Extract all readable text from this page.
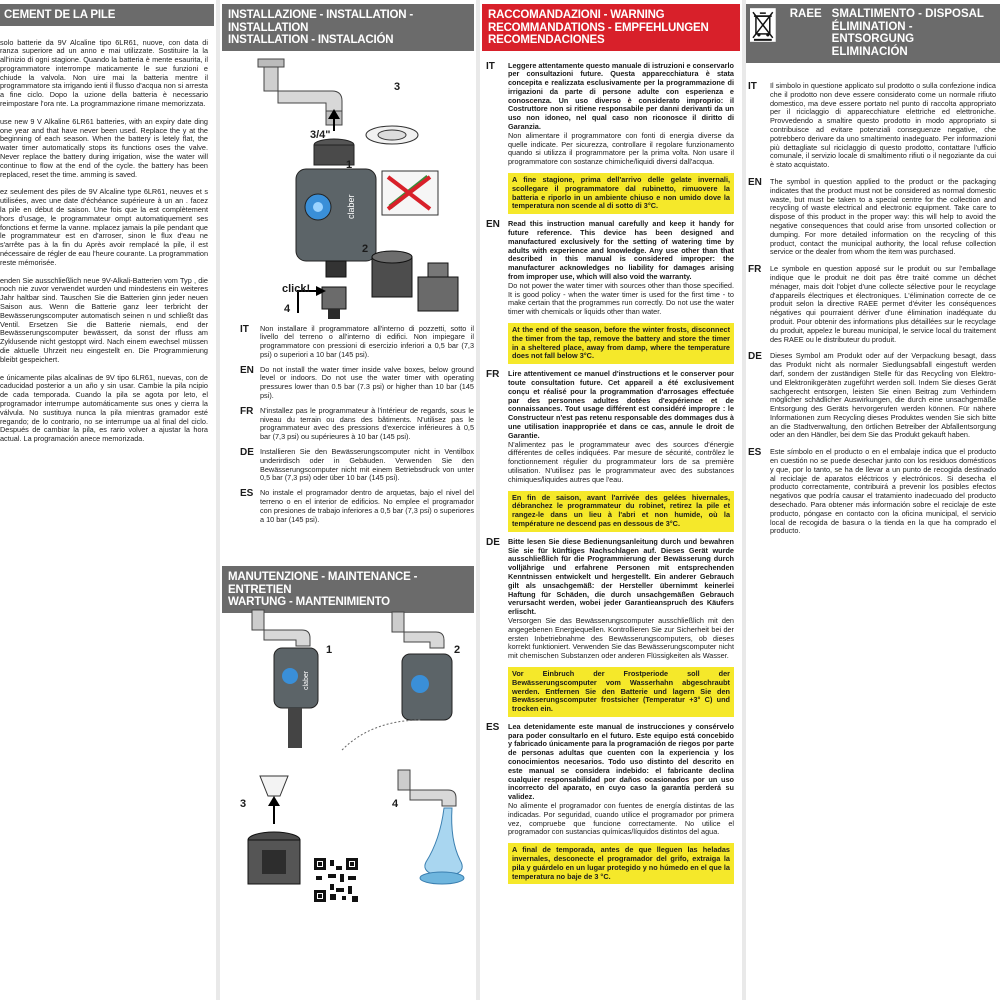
CEMENT DE LA PILE

solo batterie da 9V Alcaline tipo 6LR61, nuove, con data di ranza superiore ad un anno e mai utilizzate. Sostituire la la all'inizio di ogni stagione. Quando la batteria è mente esaurita, il programmatore interrompe maticamente le sue funzioni e chiude la valvola. Non uire mai la batteria mentre il programmatore sta irrigando ienti il flusso d'acqua non si arresta a fine ciclo. Dopo la uzione della batteria è necessario reimpostare l'ora nte. La programmazione rimane memorizzata.

use new 9 V Alkaline 6LR61 batteries, with an expiry date ding one year and that have never been used. Replace the y at the beginning of each season. When the battery is letely flat, the water timer automatically stops its functions oses the valve. Never replace the battery during irrigation, wise the water will continue to flow at the end of the cycle. the battery has been replaced, reset the time. amming is saved.

ez seulement des piles de 9V Alcaline type 6LR61, neuves et s utilisées, avec une date d'échéance supérieure à un an . facez la pile en début de saison. Une fois que la est complètement hors d'usage, le programmateur ompt automatiquement ses fonctions et ferme la vanne. mplacez jamais la pile pendant que le programmateur est en d'arroser, sinon le flux d'eau ne s'arrête pas à la fin du Après avoir remplacé la pile, il est nécessaire de régler de eau l'heure courante. La programmation reste mémorisée.

enden Sie ausschließlich neue 9V-Alkali-Batterien vom Typ , die noch nie zuvor verwendet wurden und mindestens ein weiteres Jahr haltbar sind. Tauschen Sie die Batterien ginn jeder neuen Saison aus. Wenn die Batterie ganz leer terbricht der Bewässerungscomputer automatisch seinen n und schließt das Ventil. Ersetzen Sie die Batterie niemals, end der Bewässerungscomputer bewässert, da sonst der rfluss am Zyklusende nicht gestoppt wird. Nach einem ewechsel müssen die aktuelle Uhrzeit neu eingestellt en. Die Programmierung bleibt gespeichert.

e únicamente pilas alcalinas de 9V tipo 6LR61, nuevas, con de caducidad posterior a un año y sin usar. Cambie la pila ncipio de cada temporada. Cuando la pila se agota por leto, el programador interrumpe automáticamente sus ones y cierra la válvula. No sustituya nunca la pila mientras gramador esté regando; de lo contrario, no se interrumpe ua al final del ciclo. Después de cambiar la pila, es rario volver a ajustar la hora actual. La programación anece memorizada.

INSTALLAZIONE - INSTALLATION - INSTALLATION
INSTALLATION - INSTALACIÓN
claber
3
3/4"
1
2
click!
4
IT	Non installare il programmatore all'interno di pozzetti, sotto il livello del terreno o all'interno di edifici. Non impiegare il programmatore con pressioni di esercizio inferiori a 0,5 bar (7,3 psi) o superiori a 10 bar (145 psi).

EN Do not install the water timer inside valve boxes, below ground level or indoors. Do not use the water timer with operating pressures lower than 0.5 bar (7.3 psi) or higher than 10 bar (145 psi).

FR N'installez pas le programmateur à l'intérieur de regards, sous le niveau du terrain ou dans des bâtiments. N'utilisez pas le programmateur avec des pressions d'exercice inférieures à 0,5 bar (7,3 psi) ou supérieures à 10 bar (145 psi).

DE Installieren Sie den Bewässerungscomputer nicht in Ventilbox underirdisch oder in Gebäuden. Verwenden Sie den Bewässerungscomputer nicht mit einem Betriebsdruck von unter 0,5 bar (7,3 psi) oder über 10 bar (145 psi).

ES No instale el programador dentro de arquetas, bajo el nivel del terreno o en el interior de edificios. No emplee el programador con presiones de trabajo inferiores a 0,5 bar (7,3 psi) o superiores a 10 bar (145 psi).

MANUTENZIONE - MAINTENANCE - ENTRETIEN
WARTUNG - MANTENIMIENTO
claber
1	2
3	4
RACCOMANDAZIONI - WARNING
RECOMMANDATIONS - EMPFEHLUNGEN
RECOMENDACIONES
IT	Leggere attentamente questo manuale di istruzioni e conservarlo per consultazioni future. Questa apparecchiatura è stata concepita e realizzata esclusivamente per la programmazione di irrigazioni da parte di persone adulte con esperienza e conoscenza. Un uso diverso è considerato improprio: il Costruttore non si ritiene responsabile per danni derivanti da un uso non idoneo, nel qual caso non riconosce il diritto di Garanzia.

Non alimentare il programmatore con fonti di energia diverse da quelle indicate. Per sicurezza, controllare il regolare funzionamento quando si utilizza il programmatore per la prima volta. Non usare il programmatore con sostanze chimiche/liquidi diversi dall'acqua.

A fine stagione, prima dell'arrivo delle gelate invernali, scollegare il programmatore dal rubinetto, rimuovere la batteria e riporlo in un ambiente chiuso e non umido dove la temperatura non scende al di sotto di 3°C.
EN	Read this instruction manual carefully and keep it handy for future reference. This device has been designed and manufactured exclusively for the setting of watering time by adults with experience and knowledge. Any use other than that described in this manual is considered improper: the manufacturer acknowledges no liability for damages arising from improper use, which will also void the warranty.

Do not power the water timer with sources other than those specified. It is good policy - when the water timer is used for the first time - to make certain that the programmes run correctly. Do not use the water timer with chemicals or liquids other than water.

At the end of the season, before the winter frosts, disconnect the timer from the tap, remove the battery and store the timer in a sheltered place, away from damp, where the temperature does not fall below 3°C.
FR	Lire attentivement ce manuel d'instructions et le conserver pour toute consultation future. Cet appareil a été exclusivement conçu et réalisé pour la programmation d'arrosages effectuée par des personnes adultes dotées d'expérience et de connaissances. Tout usage différent est considéré impropre : le Constructeur n'est pas retenu responsable des dommages dus à une utilisation inappropriée et dans ce cas, annule le droit de Garantie.

N'alimentez pas le programmateur avec des sources d'énergie différentes de celles indiquées. Par mesure de sécurité, contrôlez le fonctionnement régulier du programmateur lors de sa première utilisation. N'utilisez pas le programmateur avec des substances chimiques/liquides autres que l'eau.

En fin de saison, avant l'arrivée des gelées hivernales, débranchez le programmateur du robinet, retirez la pile et rangez-le dans un lieu à l'abri et non humide, où la température ne descend pas en dessous de 3°C.
DE	Bitte lesen Sie diese Bedienungsanleitung durch und bewahren Sie sie für künftiges Nachschlagen auf. Dieses Gerät wurde ausschließlich für die Programmierung der Bewässerung durch volljährige und erfahrene Personen mit entsprechenden Kenntnissen entwickelt und hergestellt. Ein anderer Gebrauch gilt als unsachgemäß: der Hersteller übernimmt keinerlei Haftung für Schäden, die durch unsachgemäßen Gebrauch verursacht werden, wobei jeder Garantieanspruch des Käufers erlischt.

Versorgen Sie das Bewässerungscomputer ausschließlich mit den angegebenen Energiequellen. Kontrollieren Sie zur Sicherheit bei der ersten Inbetriebnahme des Bewässerungscomputers, ob dieses korrekt funktioniert. Verwenden Sie das Bewässerungscomputer nicht mit chemischen Substanzen oder anderen Flüssigkeiten als Wasser.

Vor Einbruch der Frostperiode soll der Bewässerungscomputer vom Wasserhahn abgeschraubt werden. Entfernen Sie den Batterie und lagern Sie den Bewässerungscomputer frostsicher (Temperatur +3° C) und trocken ein.
ES	Lea detenidamente este manual de instrucciones y consérvelo para poder consultarlo en el futuro. Este equipo está concebido y fabricado únicamente para la programación de riegos por parte de personas adultas que cuenten con la experiencia y los conocimientos necesarios. Todo uso distinto del descrito en este manual se considera indebido: el fabricante declina cualquier responsabilidad por daños ocasionados por un uso incorrecto del aparato, en cuyo caso la garantía perderá su validez.

No alimente el programador con fuentes de energía distintas de las indicadas. Por seguridad, cuando utilice el programador por primera vez, compruebe que funcione correctamente. No utilice el programador con sustancias químicas/líquidos distintos del agua.

A final de temporada, antes de que lleguen las heladas invernales, desconecte el programador del grifo, extraiga la pila y guárdelo en un lugar protegido y no húmedo en el que la temperatura no baje de 3 °C.
RAEE SMALTIMENTO - DISPOSAL
ÉLIMINATION - ENTSORGUNG
ELIMINACIÓN
IT	Il simbolo in questione applicato sul prodotto o sulla confezione indica che il prodotto non deve essere considerato come un normale rifiuto domestico, ma deve essere portato nel punto di raccolta appropriato per il riciclaggio di apparecchiature elettriche ed elettroniche. Provvedendo a smaltire questo prodotto in modo appropriato si contribuisce ad evitare potenziali conseguenze negative, che potrebbero derivare da uno smaltimento inadeguato. Per informazioni più dettagliate sul riciclaggio di questo prodotto, contattare l'ufficio comunale, il servizio locale di smaltimento rifiuti o il negoziante da cui è stato acquistato.

EN	The symbol in question applied to the product or the packaging indicates that the product must not be considered as normal domestic waste, but must be taken to a special centre for the collection and recycling of waste electrical and electronic equipment. Take care to dispose of this product in the proper way: this will help to avoid the negative consequences that could arise from unsorted collection or dumping. For more detailed information on the recycling of this product, contact the municipal authority, the local refuse collection service or the dealer from whom the item was purchased.

FR	Le symbole en question apposé sur le produit ou sur l'emballage indique que le produit ne doit pas être traité comme un déchet ménager, mais doit l'objet d'une collecte sélective pour le recyclage d'appareils électriques et électroniques. L'élimination correcte de ce produit selon la directive RAEE permet d'éviter les conséquences négatives qui pourraient dériver d'une élimination inadéquate du produit. Pour obtenir des informations plus détaillées sur le recyclage du produit, appelez le bureau municipal, le service local du traitement des RAEE ou le distributeur du produit.

DE	Dieses Symbol am Produkt oder auf der Verpackung besagt, dass das Produkt nicht als normaler Siedlungsabfall eingestuft werden darf, sondern der zuständigen Stelle für das Recycling von Elektro- und Elektronikgeräten zugeführt werden soll. Indem Sie dieses Gerät sachgerecht entsorgen, leisten Sie einen Beitrag zum Verhindern möglicher schädlicher Auswirkungen, die durch eine unsachgemäße Entsorgung des Geräts hervorgerufen werden können. Für nähere Informationen zum Recycling dieses Produktes wenden Sie sich bitte an die Stadtverwaltung, den örtlichen Betreiber der Abfallentsorgung oder an den Händler, bei dem Sie das Produkt gekauft haben.

ES	Este símbolo en el producto o en el embalaje indica que el producto en cuestión no se puede desechar junto con los residuos domésticos y que, por lo tanto, se ha de llevar a un punto de recogida destinado al reciclaje de aparatos eléctricos y electrónicos. Si desecha el producto correctamente, contribuirá a prevenir los posibles efectos negativos que podría causar el tratamiento inadecuado del producto desechado. Para obtener más información sobre el reciclaje de este producto, póngase en contacto con la oficina municipal, el servicio local de recogida de basura o la tienda en la que ha comprado el producto.
